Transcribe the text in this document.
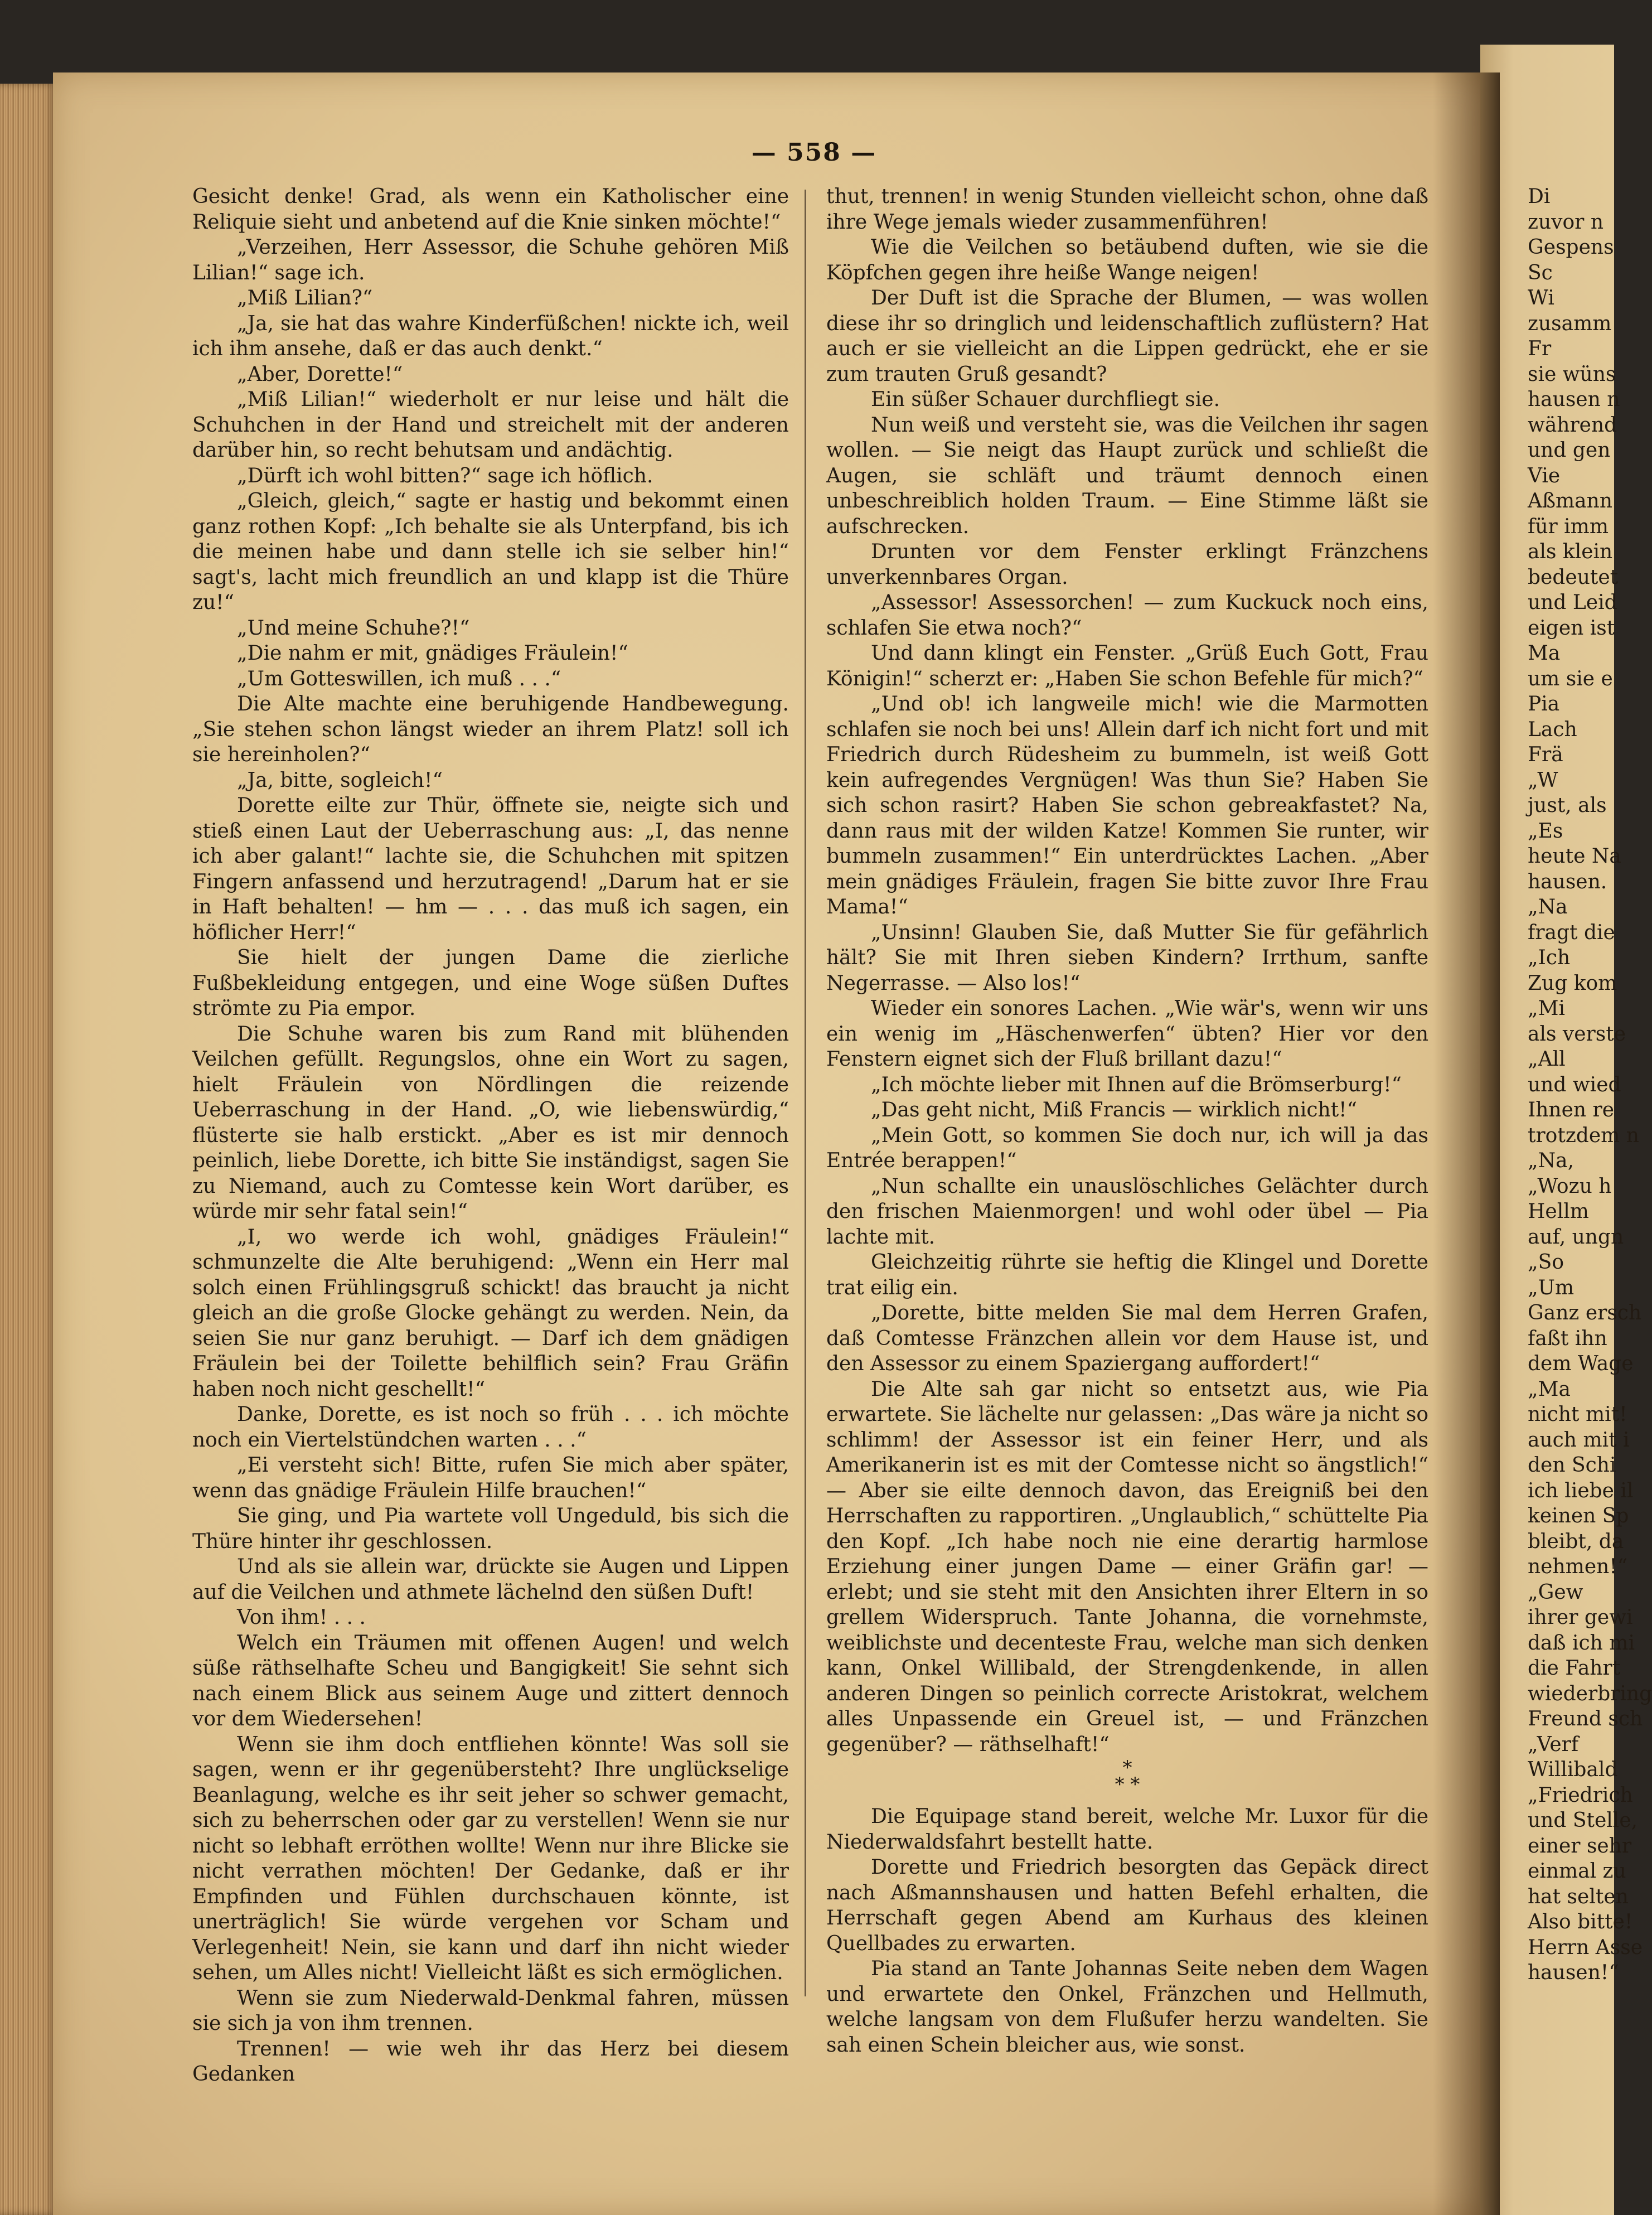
— 558 —

Gesicht denke! Grad, als wenn ein Katholischer eine Reliquie sieht und anbetend auf die Knie sinken möchte!“

„Verzeihen, Herr Assessor, die Schuhe gehören Miß Lilian!“ sage ich.

„Miß Lilian?“

„Ja, sie hat das wahre Kinderfüßchen! nickte ich, weil ich ihm ansehe, daß er das auch denkt.“

„Aber, Dorette!“

„Miß Lilian!“ wiederholt er nur leise und hält die Schuhchen in der Hand und streichelt mit der anderen darüber hin, so recht behutsam und andächtig.

„Dürft ich wohl bitten?“ sage ich höflich.

„Gleich, gleich,“ sagte er hastig und bekommt einen ganz rothen Kopf: „Ich behalte sie als Unterpfand, bis ich die meinen habe und dann stelle ich sie selber hin!“ sagt's, lacht mich freundlich an und klapp ist die Thüre zu!“

„Und meine Schuhe?!“

„Die nahm er mit, gnädiges Fräulein!“

„Um Gotteswillen, ich muß . . .“

Die Alte machte eine beruhigende Handbewegung. „Sie stehen schon längst wieder an ihrem Platz! soll ich sie hereinholen?“

„Ja, bitte, sogleich!“

Dorette eilte zur Thür, öffnete sie, neigte sich und stieß einen Laut der Ueberraschung aus: „I, das nenne ich aber galant!“ lachte sie, die Schuhchen mit spitzen Fingern anfassend und herzutragend! „Darum hat er sie in Haft behalten! — hm — . . . das muß ich sagen, ein höflicher Herr!“

Sie hielt der jungen Dame die zierliche Fußbekleidung entgegen, und eine Woge süßen Duftes strömte zu Pia empor.

Die Schuhe waren bis zum Rand mit blühenden Veilchen gefüllt. Regungslos, ohne ein Wort zu sagen, hielt Fräulein von Nördlingen die reizende Ueberraschung in der Hand. „O, wie liebenswürdig,“ flüsterte sie halb erstickt. „Aber es ist mir dennoch peinlich, liebe Dorette, ich bitte Sie inständigst, sagen Sie zu Niemand, auch zu Comtesse kein Wort darüber, es würde mir sehr fatal sein!“

„I, wo werde ich wohl, gnädiges Fräulein!“ schmunzelte die Alte beruhigend: „Wenn ein Herr mal solch einen Frühlingsgruß schickt! das braucht ja nicht gleich an die große Glocke gehängt zu werden. Nein, da seien Sie nur ganz beruhigt. — Darf ich dem gnädigen Fräulein bei der Toilette behilflich sein? Frau Gräfin haben noch nicht geschellt!“

Danke, Dorette, es ist noch so früh . . . ich möchte noch ein Viertelstündchen warten . . .“

„Ei versteht sich! Bitte, rufen Sie mich aber später, wenn das gnädige Fräulein Hilfe brauchen!“

Sie ging, und Pia wartete voll Ungeduld, bis sich die Thüre hinter ihr geschlossen.

Und als sie allein war, drückte sie Augen und Lippen auf die Veilchen und athmete lächelnd den süßen Duft!

Von ihm! . . .

Welch ein Träumen mit offenen Augen! und welch süße räthselhafte Scheu und Bangigkeit! Sie sehnt sich nach einem Blick aus seinem Auge und zittert dennoch vor dem Wiedersehen!

Wenn sie ihm doch entfliehen könnte! Was soll sie sagen, wenn er ihr gegenübersteht? Ihre unglückselige Beanlagung, welche es ihr seit jeher so schwer gemacht, sich zu beherrschen oder gar zu verstellen! Wenn sie nur nicht so lebhaft erröthen wollte! Wenn nur ihre Blicke sie nicht verrathen möchten! Der Gedanke, daß er ihr Empfinden und Fühlen durchschauen könnte, ist unerträglich! Sie würde vergehen vor Scham und Verlegenheit! Nein, sie kann und darf ihn nicht wieder sehen, um Alles nicht! Vielleicht läßt es sich ermöglichen.

Wenn sie zum Niederwald-Denkmal fahren, müssen sie sich ja von ihm trennen.

Trennen! — wie weh ihr das Herz bei diesem Gedanken

thut, trennen! in wenig Stunden vielleicht schon, ohne daß ihre Wege jemals wieder zusammenführen!

Wie die Veilchen so betäubend duften, wie sie die Köpfchen gegen ihre heiße Wange neigen!

Der Duft ist die Sprache der Blumen, — was wollen diese ihr so dringlich und leidenschaftlich zuflüstern? Hat auch er sie vielleicht an die Lippen gedrückt, ehe er sie zum trauten Gruß gesandt?

Ein süßer Schauer durchfliegt sie.

Nun weiß und versteht sie, was die Veilchen ihr sagen wollen. — Sie neigt das Haupt zurück und schließt die Augen, sie schläft und träumt dennoch einen unbeschreiblich holden Traum. — Eine Stimme läßt sie aufschrecken.

Drunten vor dem Fenster erklingt Fränzchens unverkennbares Organ.

„Assessor! Assessorchen! — zum Kuckuck noch eins, schlafen Sie etwa noch?“

Und dann klingt ein Fenster. „Grüß Euch Gott, Frau Königin!“ scherzt er: „Haben Sie schon Befehle für mich?“

„Und ob! ich langweile mich! wie die Marmotten schlafen sie noch bei uns! Allein darf ich nicht fort und mit Friedrich durch Rüdesheim zu bummeln, ist weiß Gott kein aufregendes Vergnügen! Was thun Sie? Haben Sie sich schon rasirt? Haben Sie schon gebreakfastet? Na, dann raus mit der wilden Katze! Kommen Sie runter, wir bummeln zusammen!“ Ein unterdrücktes Lachen. „Aber mein gnädiges Fräulein, fragen Sie bitte zuvor Ihre Frau Mama!“

„Unsinn! Glauben Sie, daß Mutter Sie für gefährlich hält? Sie mit Ihren sieben Kindern? Irrthum, sanfte Negerrasse. — Also los!“

Wieder ein sonores Lachen. „Wie wär's, wenn wir uns ein wenig im „Häschenwerfen“ übten? Hier vor den Fenstern eignet sich der Fluß brillant dazu!“

„Ich möchte lieber mit Ihnen auf die Brömserburg!“

„Das geht nicht, Miß Francis — wirklich nicht!“

„Mein Gott, so kommen Sie doch nur, ich will ja das Entrée berappen!“

„Nun schallte ein unauslöschliches Gelächter durch den frischen Maienmorgen! und wohl oder übel — Pia lachte mit.

Gleichzeitig rührte sie heftig die Klingel und Dorette trat eilig ein.

„Dorette, bitte melden Sie mal dem Herren Grafen, daß Comtesse Fränzchen allein vor dem Hause ist, und den Assessor zu einem Spaziergang auffordert!“

Die Alte sah gar nicht so entsetzt aus, wie Pia erwartete. Sie lächelte nur gelassen: „Das wäre ja nicht so schlimm! der Assessor ist ein feiner Herr, und als Amerikanerin ist es mit der Comtesse nicht so ängstlich!“ — Aber sie eilte dennoch davon, das Ereigniß bei den Herrschaften zu rapportiren. „Unglaublich,“ schüttelte Pia den Kopf. „Ich habe noch nie eine derartig harmlose Erziehung einer jungen Dame — einer Gräfin gar! — erlebt; und sie steht mit den Ansichten ihrer Eltern in so grellem Widerspruch. Tante Johanna, die vornehmste, weiblichste und decenteste Frau, welche man sich denken kann, Onkel Willibald, der Strengdenkende, in allen anderen Dingen so peinlich correcte Aristokrat, welchem alles Unpassende ein Greuel ist, — und Fränzchen gegenüber? — räthselhaft!“

*
* *

Die Equipage stand bereit, welche Mr. Luxor für die Niederwaldsfahrt bestellt hatte.

Dorette und Friedrich besorgten das Gepäck direct nach Aßmannshausen und hatten Befehl erhalten, die Herrschaft gegen Abend am Kurhaus des kleinen Quellbades zu erwarten.

Pia stand an Tante Johannas Seite neben dem Wagen und erwartete den Onkel, Fränzchen und Hellmuth, welche langsam von dem Flußufer herzu wandelten. Sie sah einen Schein bleicher aus, wie sonst.

Di

zuvor n

Gespens

Sc

Wi

zusamm

Fr

sie wüns

hausen n

während

und gen

Vie

Aßmann

für imm

als klein

bedeutet

und Leid

eigen ist

Ma

um sie e

Pia

Lach

Frä

„W

just, als

„Es

heute Na

hausen.

„Na

fragt die

„Ich

Zug kom

„Mi

als verste

„All

und wied

Ihnen re

trotzdem n

„Na,

„Wozu h

Hellm

auf, ungn

„So

„Um

Ganz ersch

faßt ihn

dem Wage

„Ma

nicht mit!

auch mit i

den Schi

ich liebe il

keinen Sp

bleibt, da

nehmen!“

„Gew

ihrer gewi

daß ich mi

die Fahrt

wiederbring

Freund sch

„Verf

Willibald

„Friedrich

und Stelle,

einer sehr

einmal zu

hat selten

Also bitte!

Herrn Asse

hausen!“
